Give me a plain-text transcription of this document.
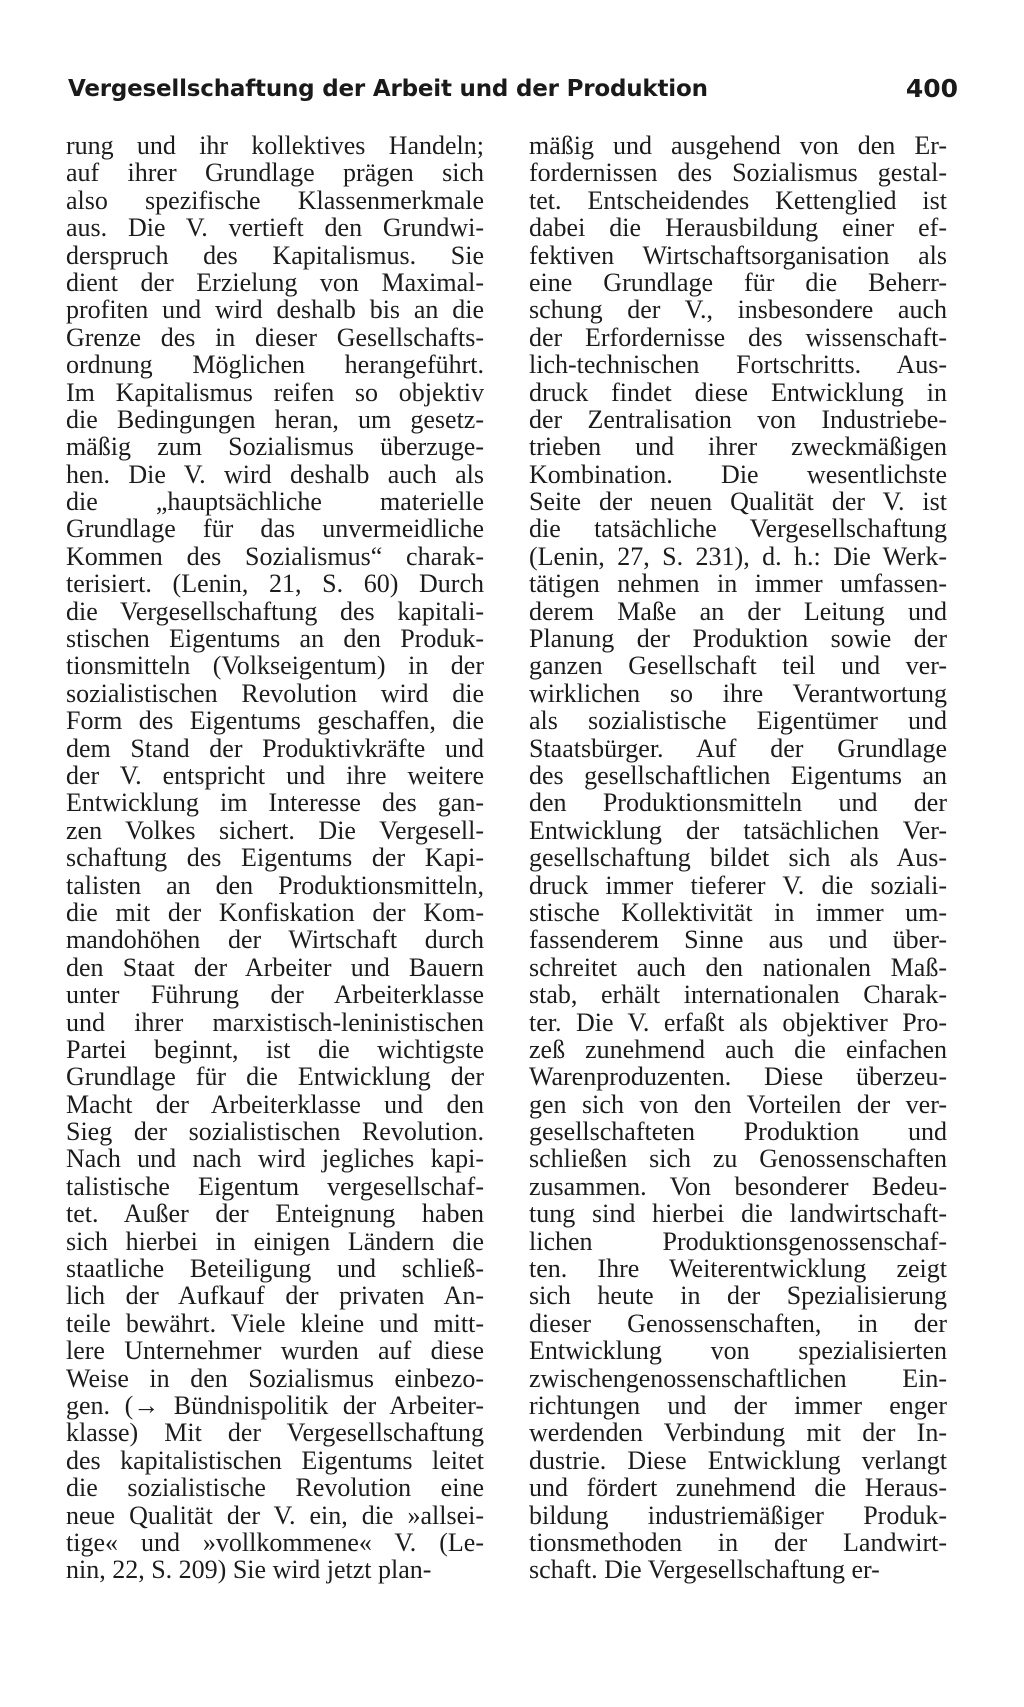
Vergesellschaftung der Arbeit und der Produktion	400
rung und ihr kollektives Handeln;
auf ihrer Grundlage prägen sich
also spezifische Klassenmerkmale
aus. Die V. vertieft den Grundwi-
derspruch des Kapitalismus. Sie
dient der Erzielung von Maximal-
profiten und wird deshalb bis an die
Grenze des in dieser Gesellschafts-
ordnung Möglichen herangeführt.
Im Kapitalismus reifen so objektiv
die Bedingungen heran, um gesetz-
mäßig zum Sozialismus überzuge-
hen. Die V. wird deshalb auch als
die „hauptsächliche materielle
Grundlage für das unvermeidliche
Kommen des Sozialismus“ charak-
terisiert. (Lenin, 21, S. 60) Durch
die Vergesellschaftung des kapitali-
stischen Eigentums an den Produk-
tionsmitteln (Volkseigentum) in der
sozialistischen Revolution wird die
Form des Eigentums geschaffen, die
dem Stand der Produktivkräfte und
der V. entspricht und ihre weitere
Entwicklung im Interesse des gan-
zen Volkes sichert. Die Vergesell-
schaftung des Eigentums der Kapi-
talisten an den Produktionsmitteln,
die mit der Konfiskation der Kom-
mandohöhen der Wirtschaft durch
den Staat der Arbeiter und Bauern
unter Führung der Arbeiterklasse
und ihrer marxistisch-leninistischen
Partei beginnt, ist die wichtigste
Grundlage für die Entwicklung der
Macht der Arbeiterklasse und den
Sieg der sozialistischen Revolution.
Nach und nach wird jegliches kapi-
talistische Eigentum vergesellschaf-
tet. Außer der Enteignung haben
sich hierbei in einigen Ländern die
staatliche Beteiligung und schließ-
lich der Aufkauf der privaten An-
teile bewährt. Viele kleine und mitt-
lere Unternehmer wurden auf diese
Weise in den Sozialismus einbezo-
gen. (→ Bündnispolitik der Arbeiter-
klasse) Mit der Vergesellschaftung
des kapitalistischen Eigentums leitet
die sozialistische Revolution eine
neue Qualität der V. ein, die »allsei-
tige« und »vollkommene« V. (Le-
nin, 22, S. 209) Sie wird jetzt plan-
mäßig und ausgehend von den Er-
fordernissen des Sozialismus gestal-
tet. Entscheidendes Kettenglied ist
dabei die Herausbildung einer ef-
fektiven Wirtschaftsorganisation als
eine Grundlage für die Beherr-
schung der V., insbesondere auch
der Erfordernisse des wissenschaft-
lich-technischen Fortschritts. Aus-
druck findet diese Entwicklung in
der Zentralisation von Industriebe-
trieben und ihrer zweckmäßigen
Kombination. Die wesentlichste
Seite der neuen Qualität der V. ist
die tatsächliche Vergesellschaftung
(Lenin, 27, S. 231), d. h.: Die Werk-
tätigen nehmen in immer umfassen-
derem Maße an der Leitung und
Planung der Produktion sowie der
ganzen Gesellschaft teil und ver-
wirklichen so ihre Verantwortung
als sozialistische Eigentümer und
Staatsbürger. Auf der Grundlage
des gesellschaftlichen Eigentums an
den Produktionsmitteln und der
Entwicklung der tatsächlichen Ver-
gesellschaftung bildet sich als Aus-
druck immer tieferer V. die soziali-
stische Kollektivität in immer um-
fassenderem Sinne aus und über-
schreitet auch den nationalen Maß-
stab, erhält internationalen Charak-
ter. Die V. erfaßt als objektiver Pro-
zeß zunehmend auch die einfachen
Warenproduzenten. Diese überzeu-
gen sich von den Vorteilen der ver-
gesellschafteten Produktion und
schließen sich zu Genossenschaften
zusammen. Von besonderer Bedeu-
tung sind hierbei die landwirtschaft-
lichen Produktionsgenossenschaf-
ten. Ihre Weiterentwicklung zeigt
sich heute in der Spezialisierung
dieser Genossenschaften, in der
Entwicklung von spezialisierten
zwischengenossenschaftlichen Ein-
richtungen und der immer enger
werdenden Verbindung mit der In-
dustrie. Diese Entwicklung verlangt
und fördert zunehmend die Heraus-
bildung industriemäßiger Produk-
tionsmethoden in der Landwirt-
schaft. Die Vergesellschaftung er-
